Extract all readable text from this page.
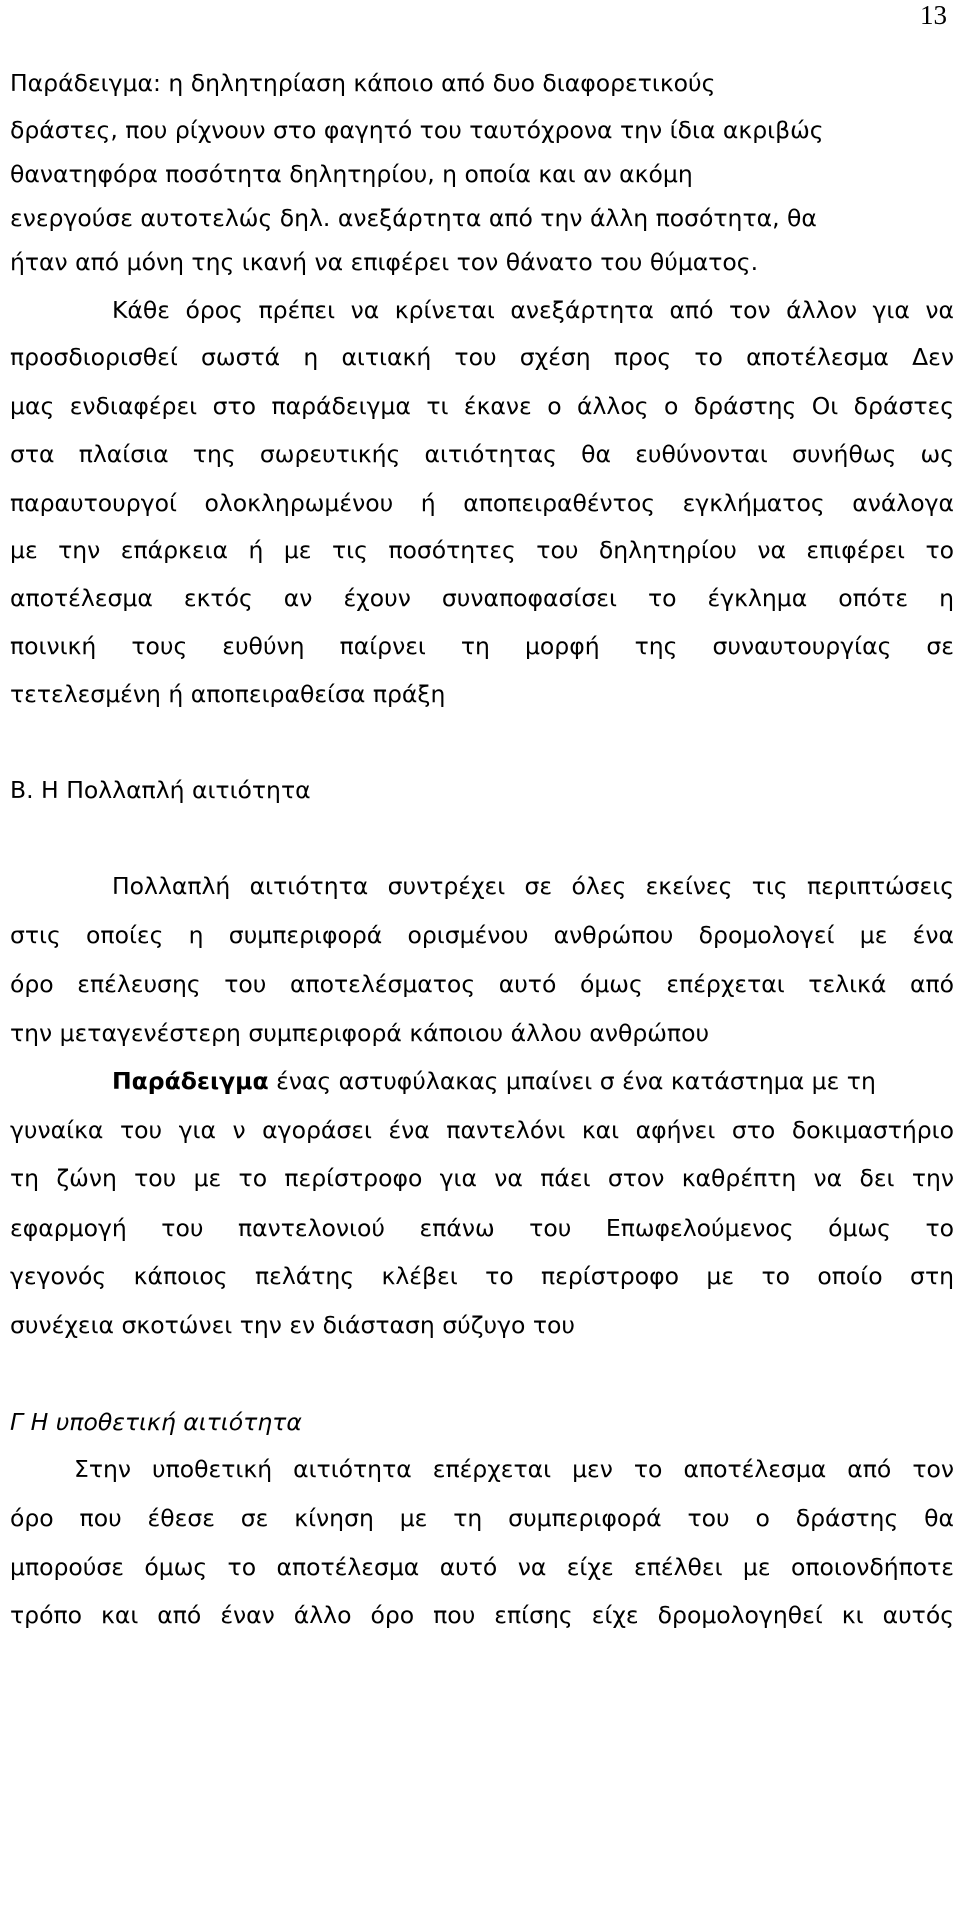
13
Παράδειγμα: η δηλητηρίαση κάποιο από δυο διαφορετικούς
δράστες, που ρίχνουν στο φαγητό του ταυτόχρονα την ίδια ακριβώς
θανατηφόρα ποσότητα δηλητηρίου, η οποία και αν ακόμη
ενεργούσε αυτοτελώς δηλ. ανεξάρτητα από την άλλη ποσότητα, θα
ήταν από μόνη της ικανή να επιφέρει τον θάνατο του θύματος.
Κάθε όρος πρέπει να κρίνεται ανεξάρτητα από τον άλλον για να
προσδιορισθεί σωστά η αιτιακή του σχέση προς το αποτέλεσμα Δεν
μας ενδιαφέρει στο παράδειγμα τι έκανε ο άλλος ο δράστης Οι δράστες
στα πλαίσια της σωρευτικής αιτιότητας θα ευθύνονται συνήθως ως
παραυτουργοί ολοκληρωμένου ή αποπειραθέντος εγκλήματος ανάλογα
με την επάρκεια ή με τις ποσότητες του δηλητηρίου να επιφέρει το
αποτέλεσμα εκτός αν έχουν συναποφασίσει το έγκλημα οπότε η
ποινική τους ευθύνη παίρνει τη μορφή της συναυτουργίας σε
τετελεσμένη ή αποπειραθείσα πράξη
Β. Η Πολλαπλή αιτιότητα
Πολλαπλή αιτιότητα συντρέχει σε όλες εκείνες τις περιπτώσεις
στις οποίες η συμπεριφορά ορισμένου ανθρώπου δρομολογεί με ένα
όρο επέλευσης του αποτελέσματος αυτό όμως επέρχεται τελικά από
την μεταγενέστερη συμπεριφορά κάποιου άλλου ανθρώπου
Παράδειγμα ένας αστυφύλακας μπαίνει σ ένα κατάστημα με τη
γυναίκα του για ν αγοράσει ένα παντελόνι και αφήνει στο δοκιμαστήριο
τη ζώνη του με το περίστροφο για να πάει στον καθρέπτη να δει την
εφαρμογή του παντελονιού επάνω του Επωφελούμενος όμως το
γεγονός κάποιος πελάτης κλέβει το περίστροφο με το οποίο στη
συνέχεια σκοτώνει την εν διάσταση σύζυγο του
Γ Η υποθετική αιτιότητα
Στην υποθετική αιτιότητα επέρχεται μεν το αποτέλεσμα από τον
όρο που έθεσε σε κίνηση με τη συμπεριφορά του ο δράστης θα
μπορούσε όμως το αποτέλεσμα αυτό να είχε επέλθει με οποιονδήποτε
τρόπο και από έναν άλλο όρο που επίσης είχε δρομολογηθεί κι αυτός
